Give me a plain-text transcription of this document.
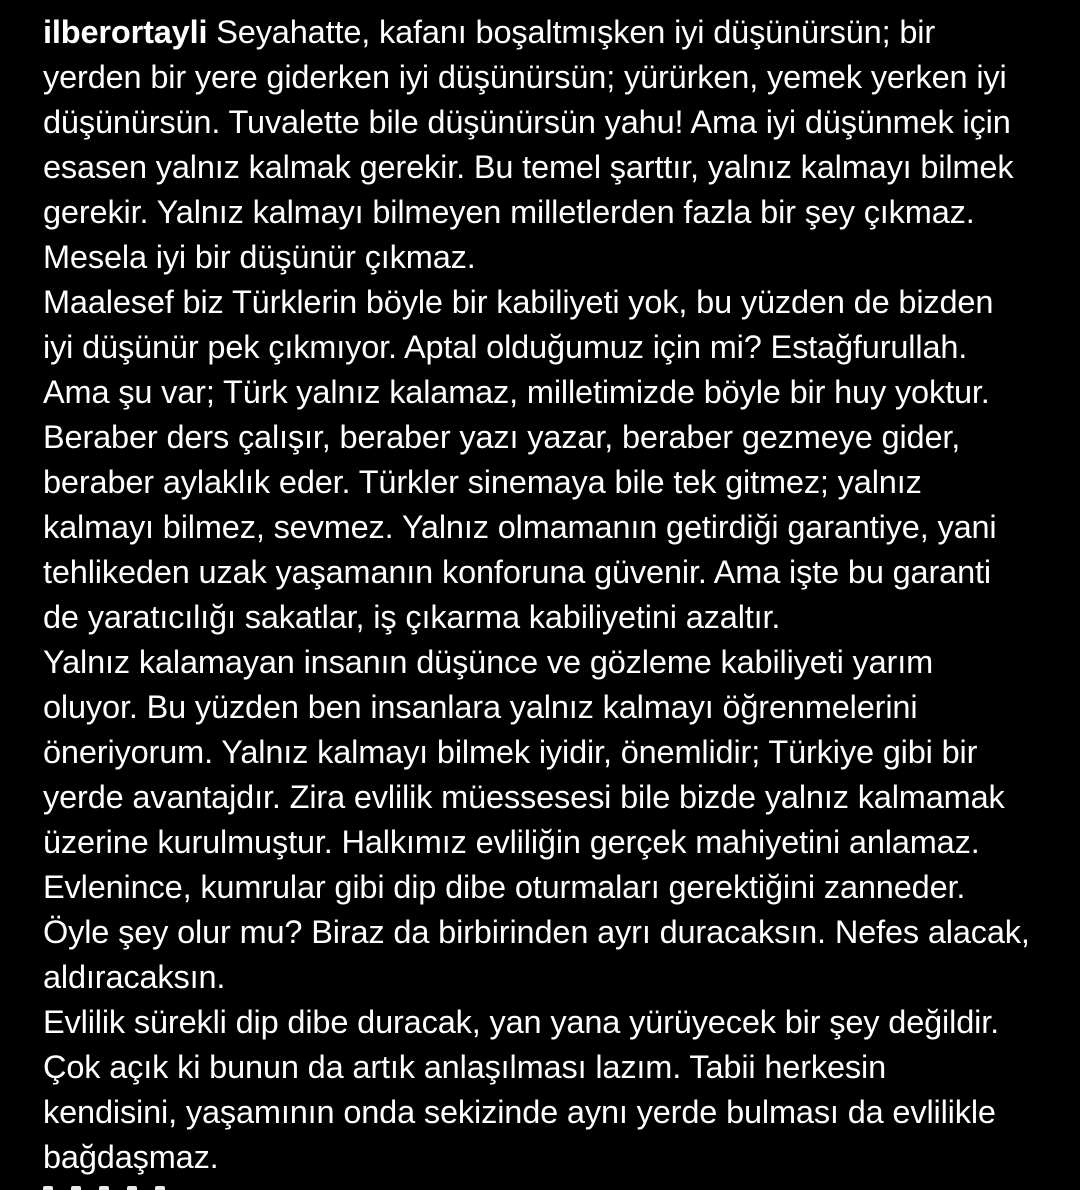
ilberortayli Seyahatte, kafanı boşaltmışken iyi düşünürsün; bir
yerden bir yere giderken iyi düşünürsün; yürürken, yemek yerken iyi
düşünürsün. Tuvalette bile düşünürsün yahu! Ama iyi düşünmek için
esasen yalnız kalmak gerekir. Bu temel şarttır, yalnız kalmayı bilmek
gerekir. Yalnız kalmayı bilmeyen milletlerden fazla bir şey çıkmaz.
Mesela iyi bir düşünür çıkmaz.
Maalesef biz Türklerin böyle bir kabiliyeti yok, bu yüzden de bizden
iyi düşünür pek çıkmıyor. Aptal olduğumuz için mi? Estağfurullah.
Ama şu var; Türk yalnız kalamaz, milletimizde böyle bir huy yoktur.
Beraber ders çalışır, beraber yazı yazar, beraber gezmeye gider,
beraber aylaklık eder. Türkler sinemaya bile tek gitmez; yalnız
kalmayı bilmez, sevmez. Yalnız olmamanın getirdiği garantiye, yani
tehlikeden uzak yaşamanın konforuna güvenir. Ama işte bu garanti
de yaratıcılığı sakatlar, iş çıkarma kabiliyetini azaltır.
Yalnız kalamayan insanın düşünce ve gözleme kabiliyeti yarım
oluyor. Bu yüzden ben insanlara yalnız kalmayı öğrenmelerini
öneriyorum. Yalnız kalmayı bilmek iyidir, önemlidir; Türkiye gibi bir
yerde avantajdır. Zira evlilik müessesesi bile bizde yalnız kalmamak
üzerine kurulmuştur. Halkımız evliliğin gerçek mahiyetini anlamaz.
Evlenince, kumrular gibi dip dibe oturmaları gerektiğini zanneder.
Öyle şey olur mu? Biraz da birbirinden ayrı duracaksın. Nefes alacak,
aldıracaksın.
Evlilik sürekli dip dibe duracak, yan yana yürüyecek bir şey değildir.
Çok açık ki bunun da artık anlaşılması lazım. Tabii herkesin
kendisini, yaşamının onda sekizinde aynı yerde bulması da evlilikle
bağdaşmaz.
